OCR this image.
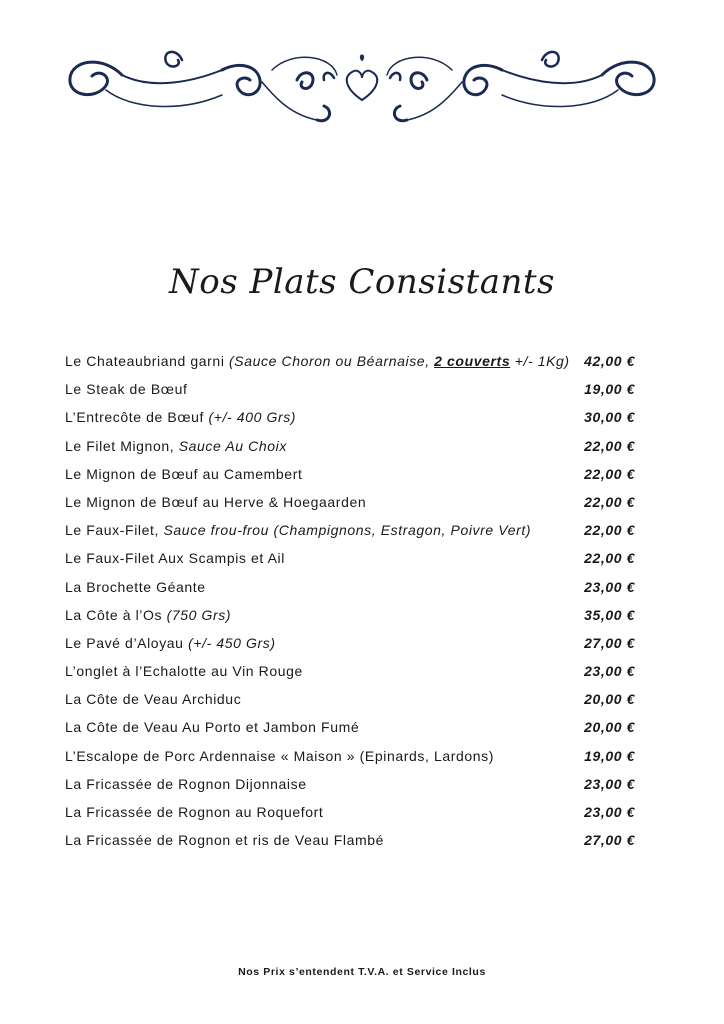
Nos Plats Consistants
Le Chateaubriand garni (Sauce Choron ou Béarnaise, 2 couverts +/- 1Kg) 42,00 €
Le Steak de Bœuf	19,00 €
L’Entrecôte de Bœuf (+/- 400 Grs)	30,00 €
Le Filet Mignon, Sauce Au Choix	22,00 €
Le Mignon de Bœuf au Camembert	22,00 €
Le Mignon de Bœuf au Herve & Hoegaarden	22,00 €
Le Faux-Filet, Sauce frou-frou (Champignons, Estragon, Poivre Vert)	22,00 €
Le Faux-Filet Aux Scampis et Ail	22,00 €
La Brochette Géante	23,00 €
La Côte à l’Os (750 Grs)	35,00 €
Le Pavé d’Aloyau (+/- 450 Grs)	27,00 €
L’onglet à l’Echalotte au Vin Rouge	23,00 €
La Côte de Veau Archiduc	20,00 €
La Côte de Veau Au Porto et Jambon Fumé	20,00 €
L’Escalope de Porc Ardennaise « Maison » (Epinards, Lardons)	19,00 €
La Fricassée de Rognon Dijonnaise	23,00 €
La Fricassée de Rognon au Roquefort	23,00 €
La Fricassée de Rognon et ris de Veau Flambé	27,00 €
Nos Prix s’entendent T.V.A. et Service Inclus
